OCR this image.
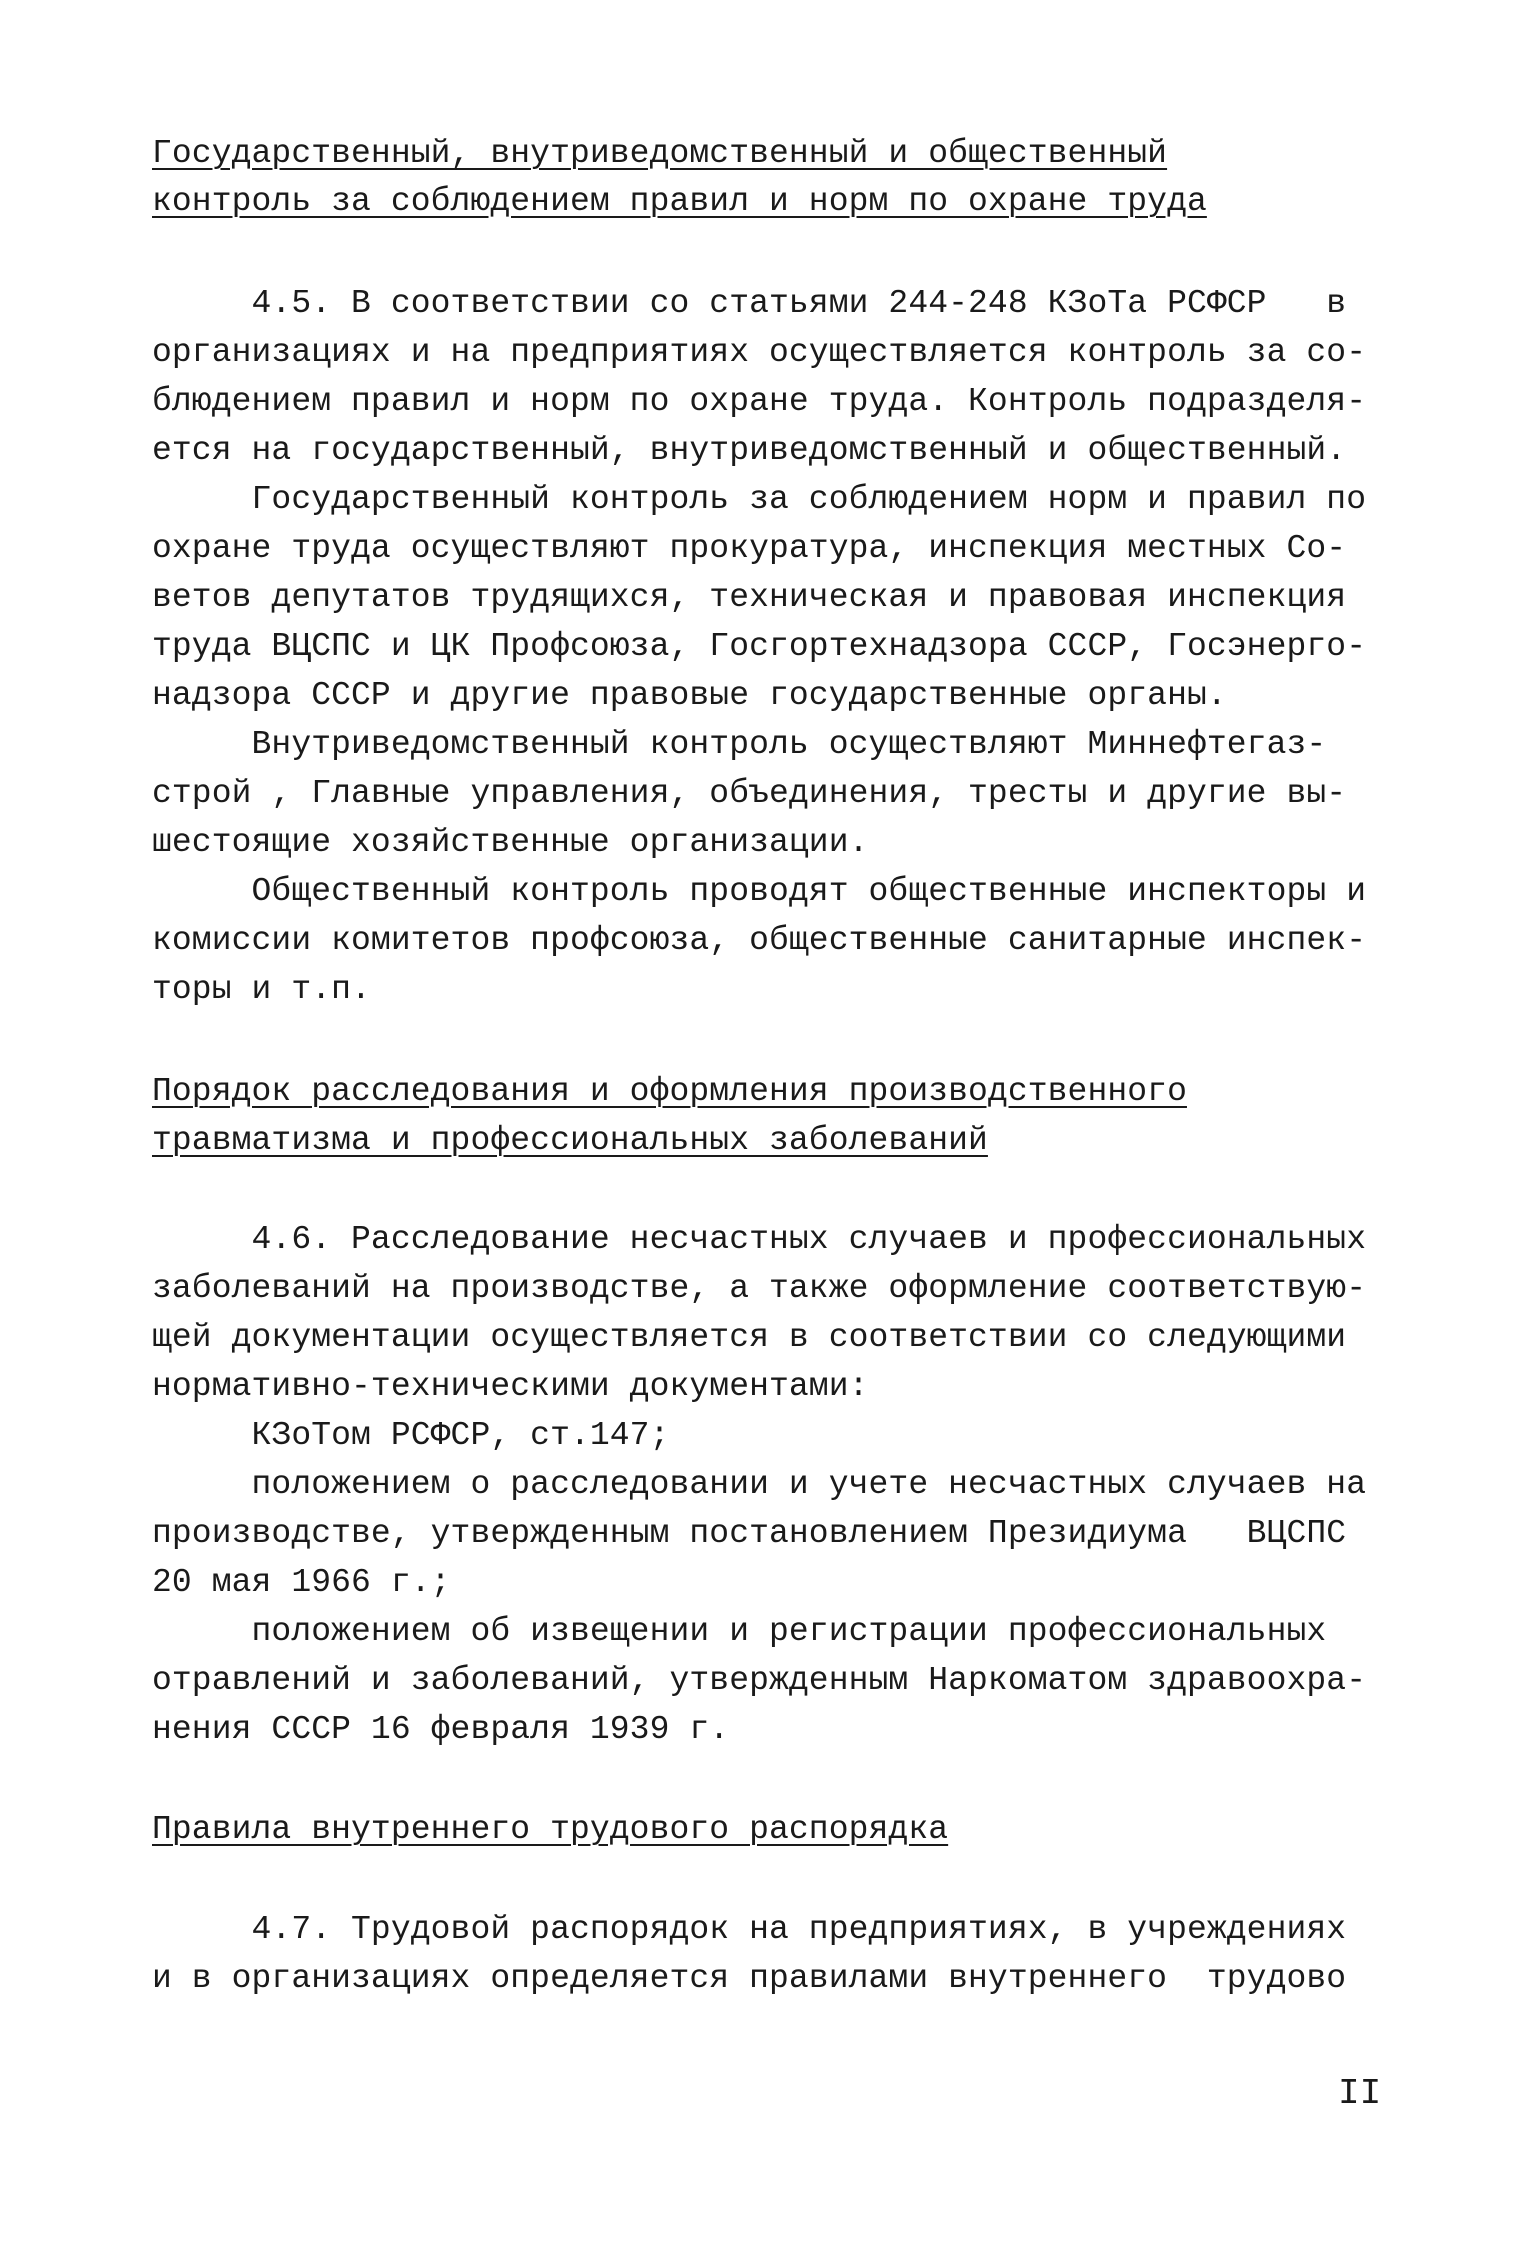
Государственный, внутриведомственный и общественный
контроль за соблюдением правил и норм по охране труда
4.5. В соответствии со статьями 244-248 КЗоТа РСФСР   в
организациях и на предприятиях осуществляется контроль за со-
блюдением правил и норм по охране труда. Контроль подразделя-
ется на государственный, внутриведомственный и общественный.
Государственный контроль за соблюдением норм и правил по
охране труда осуществляют прокуратура, инспекция местных Со-
ветов депутатов трудящихся, техническая и правовая инспекция
труда ВЦСПС и ЦК Профсоюза, Госгортехнадзора СССР, Госэнерго-
надзора СССР и другие правовые государственные органы.
Внутриведомственный контроль осуществляют Миннефтегаз-
строй , Главные управления, объединения, тресты и другие вы-
шестоящие хозяйственные организации.
Общественный контроль проводят общественные инспекторы и
комиссии комитетов профсоюза, общественные санитарные инспек-
торы и т.п.
Порядок расследования и оформления производственного
травматизма и профессиональных заболеваний
4.6. Расследование несчастных случаев и профессиональных
заболеваний на производстве, а также оформление соответствую-
щей документации осуществляется в соответствии со следующими
нормативно-техническими документами:
КЗоТом РСФСР, ст.147;
положением о расследовании и учете несчастных случаев на
производстве, утвержденным постановлением Президиума   ВЦСПС
20 мая 1966 г.;
положением об извещении и регистрации профессиональных
отравлений и заболеваний, утвержденным Наркоматом здравоохра-
нения СССР 16 февраля 1939 г.
Правила внутреннего трудового распорядка
4.7. Трудовой распорядок на предприятиях, в учреждениях
и в организациях определяется правилами внутреннего  трудово
II
